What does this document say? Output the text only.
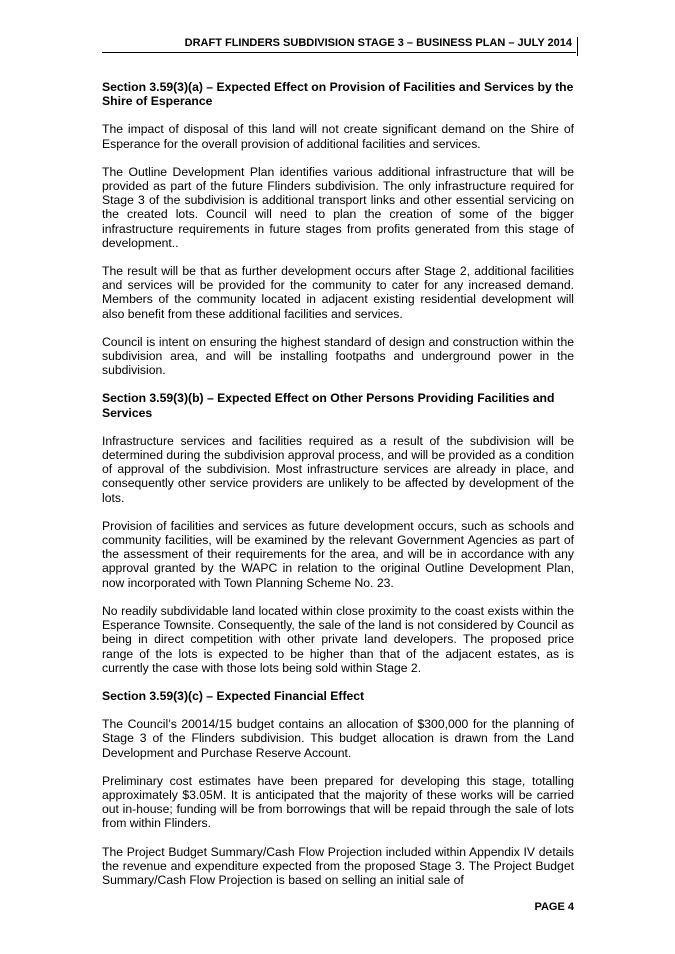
DRAFT FLINDERS SUBDIVISION STAGE 3 – BUSINESS PLAN – JULY 2014
Section 3.59(3)(a) – Expected Effect on Provision of Facilities and Services by the Shire of Esperance

The impact of disposal of this land will not create significant demand on the Shire of Esperance for the overall provision of additional facilities and services.

The Outline Development Plan identifies various additional infrastructure that will be provided as part of the future Flinders subdivision. The only infrastructure required for Stage 3 of the subdivision is additional transport links and other essential servicing on the created lots. Council will need to plan the creation of some of the bigger infrastructure requirements in future stages from profits generated from this stage of development..

The result will be that as further development occurs after Stage 2, additional facilities and services will be provided for the community to cater for any increased demand. Members of the community located in adjacent existing residential development will also benefit from these additional facilities and services.

Council is intent on ensuring the highest standard of design and construction within the subdivision area, and will be installing footpaths and underground power in the subdivision.

Section 3.59(3)(b) – Expected Effect on Other Persons Providing Facilities and Services

Infrastructure services and facilities required as a result of the subdivision will be determined during the subdivision approval process, and will be provided as a condition of approval of the subdivision. Most infrastructure services are already in place, and consequently other service providers are unlikely to be affected by development of the lots.

Provision of facilities and services as future development occurs, such as schools and community facilities, will be examined by the relevant Government Agencies as part of the assessment of their requirements for the area, and will be in accordance with any approval granted by the WAPC in relation to the original Outline Development Plan, now incorporated with Town Planning Scheme No. 23.

No readily subdividable land located within close proximity to the coast exists within the Esperance Townsite. Consequently, the sale of the land is not considered by Council as being in direct competition with other private land developers. The proposed price range of the lots is expected to be higher than that of the adjacent estates, as is currently the case with those lots being sold within Stage 2.

Section 3.59(3)(c) – Expected Financial Effect

The Council’s 20014/15 budget contains an allocation of $300,000 for the planning of Stage 3 of the Flinders subdivision. This budget allocation is drawn from the Land Development and Purchase Reserve Account.

Preliminary cost estimates have been prepared for developing this stage, totalling approximately $3.05M. It is anticipated that the majority of these works will be carried out in-house; funding will be from borrowings that will be repaid through the sale of lots from within Flinders.

The Project Budget Summary/Cash Flow Projection included within Appendix IV details the revenue and expenditure expected from the proposed Stage 3. The Project Budget Summary/Cash Flow Projection is based on selling an initial sale of

PAGE 4
